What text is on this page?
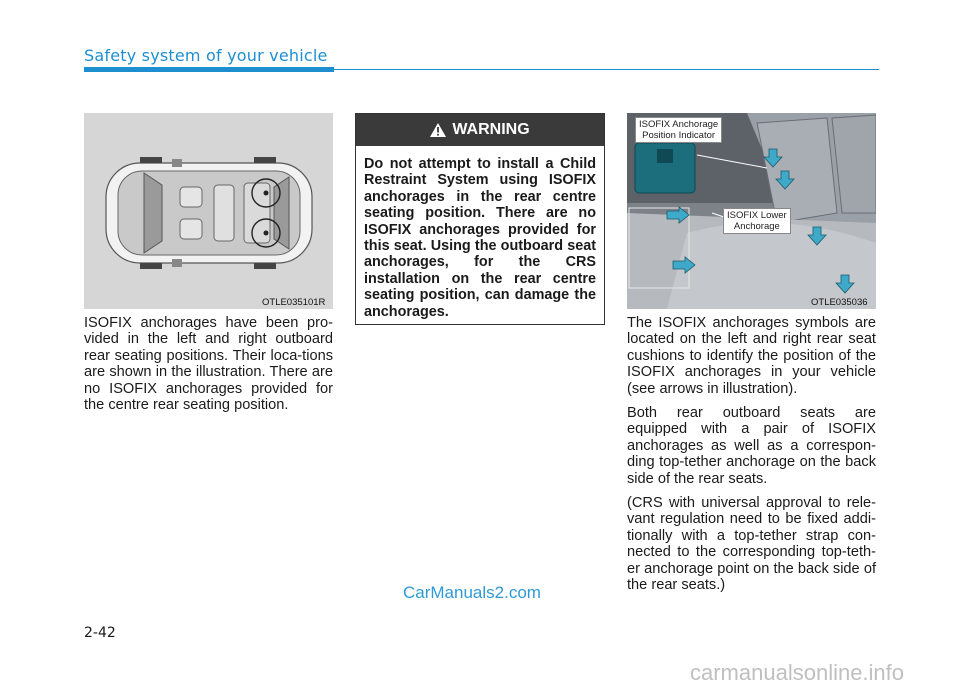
Safety system of your vehicle
OTLE035101R
ISOFIX anchorages have been pro-vided in the left and right outboard rear seating positions. Their loca-tions are shown in the illustration. There are no ISOFIX anchorages provided for the centre rear seating position.
WARNING
Do not attempt to install a Child Restraint System using ISOFIX anchorages in the rear centre seating position. There are no ISOFIX anchorages provided for this seat. Using the outboard seat anchorages, for the CRS installation on the rear centre seating position, can damage the anchorages.
ISOFIX Anchorage
Position Indicator
ISOFIX Lower
Anchorage
OTLE035036

The ISOFIX anchorages symbols are located on the left and right rear seat cushions to identify the position of the ISOFIX anchorages in your vehicle (see arrows in illustration).

Both rear outboard seats are equipped with a pair of ISOFIX anchorages as well as a correspon-ding top-tether anchorage on the back side of the rear seats.

(CRS with universal approval to rele-vant regulation need to be fixed addi-tionally with a top-tether strap con-nected to the corresponding top-teth-er anchorage point on the back side of the rear seats.)

CarManuals2.com
2-42
carmanualsonline.info
